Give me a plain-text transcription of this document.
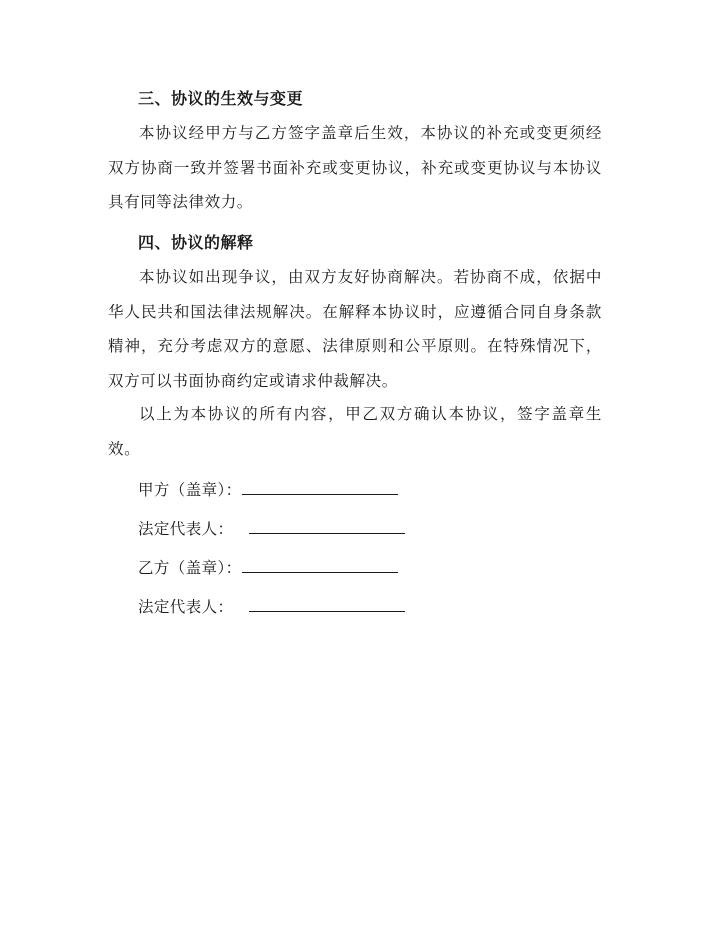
三、协议的生效与变更

本协议经甲方与乙方签字盖章后生效，本协议的补充或变更须经双方协商一致并签署书面补充或变更协议，补充或变更协议与本协议具有同等法律效力。

四、协议的解释

本协议如出现争议，由双方友好协商解决。若协商不成，依据中华人民共和国法律法规解决。在解释本协议时，应遵循合同自身条款精神，充分考虑双方的意愿、法律原则和公平原则。在特殊情况下，双方可以书面协商约定或请求仲裁解决。

以上为本协议的所有内容，甲乙双方确认本协议，签字盖章生效。

甲方（盖章）：
法定代表人：
乙方（盖章）：
法定代表人：
